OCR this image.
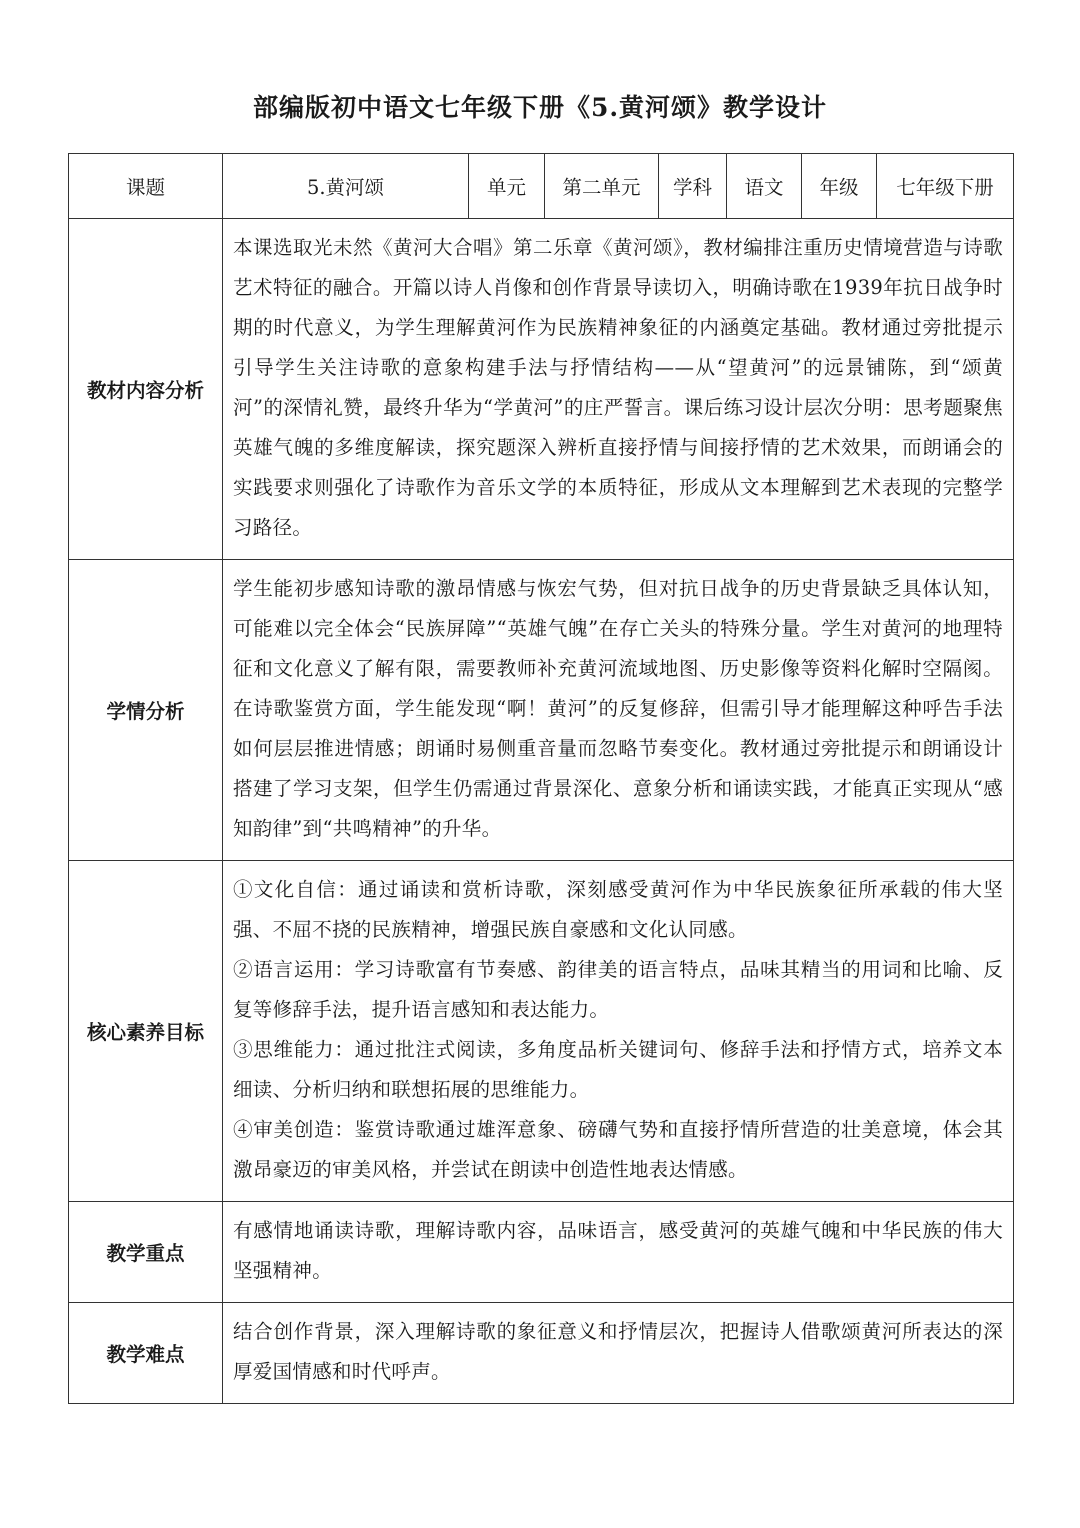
部编版初中语文七年级下册《5.黄河颂》教学设计
课题	5.黄河颂	单元	第二单元	学科	语文	年级	七年级下册
教材内容分析	本课选取光未然《黄河大合唱》第二乐章《黄河颂》，教材编排注重历史情境营造与诗歌艺术特征的融合。开篇以诗人肖像和创作背景导读切入，明确诗歌在1939年抗日战争时期的时代意义，为学生理解黄河作为民族精神象征的内涵奠定基础。教材通过旁批提示引导学生关注诗歌的意象构建手法与抒情结构——从“望黄河”的远景铺陈，到“颂黄河”的深情礼赞，最终升华为“学黄河”的庄严誓言。课后练习设计层次分明：思考题聚焦英雄气魄的多维度解读，探究题深入辨析直接抒情与间接抒情的艺术效果，而朗诵会的实践要求则强化了诗歌作为音乐文学的本质特征，形成从文本理解到艺术表现的完整学习路径。						
学情分析	学生能初步感知诗歌的激昂情感与恢宏气势，但对抗日战争的历史背景缺乏具体认知，可能难以完全体会“民族屏障”“英雄气魄”在存亡关头的特殊分量。学生对黄河的地理特征和文化意义了解有限，需要教师补充黄河流域地图、历史影像等资料化解时空隔阂。在诗歌鉴赏方面，学生能发现“啊！黄河”的反复修辞，但需引导才能理解这种呼告手法如何层层推进情感；朗诵时易侧重音量而忽略节奏变化。教材通过旁批提示和朗诵设计搭建了学习支架，但学生仍需通过背景深化、意象分析和诵读实践，才能真正实现从“感知韵律”到“共鸣精神”的升华。						
核心素养目标	①文化自信：通过诵读和赏析诗歌，深刻感受黄河作为中华民族象征所承载的伟大坚强、不屈不挠的民族精神，增强民族自豪感和文化认同感。

②语言运用：学习诗歌富有节奏感、韵律美的语言特点，品味其精当的用词和比喻、反复等修辞手法，提升语言感知和表达能力。

③思维能力：通过批注式阅读，多角度品析关键词句、修辞手法和抒情方式，培养文本细读、分析归纳和联想拓展的思维能力。

④审美创造：鉴赏诗歌通过雄浑意象、磅礴气势和直接抒情所营造的壮美意境，体会其激昂豪迈的审美风格，并尝试在朗读中创造性地表达情感。						

教学重点	有感情地诵读诗歌，理解诗歌内容，品味语言，感受黄河的英雄气魄和中华民族的伟大坚强精神。						
教学难点	结合创作背景，深入理解诗歌的象征意义和抒情层次，把握诗人借歌颂黄河所表达的深厚爱国情感和时代呼声。						
